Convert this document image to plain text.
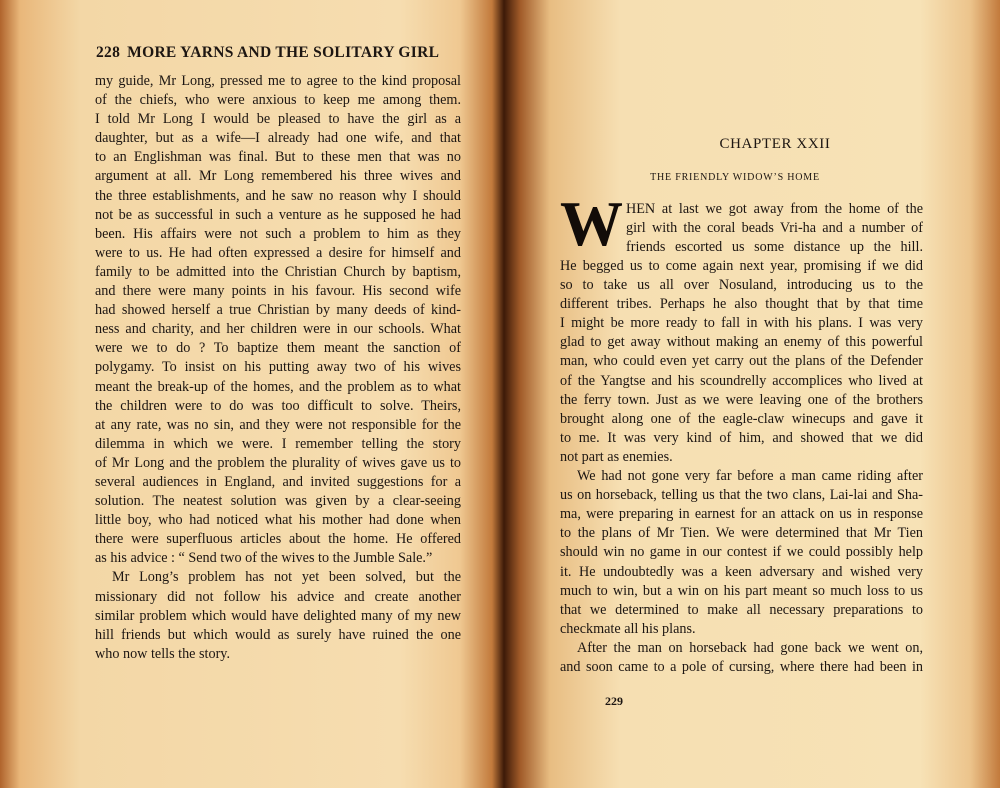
228 MORE YARNS AND THE SOLITARY GIRL
my guide, Mr Long, pressed me to agree to the kind proposal
of the chiefs, who were anxious to keep me among them.
I told Mr Long I would be pleased to have the girl as a
daughter, but as a wife—I already had one wife, and that
to an Englishman was final. But to these men that was no
argument at all. Mr Long remembered his three wives and
the three establishments, and he saw no reason why I should
not be as successful in such a venture as he supposed he had
been. His affairs were not such a problem to him as they
were to us. He had often expressed a desire for himself and
family to be admitted into the Christian Church by baptism,
and there were many points in his favour. His second wife
had showed herself a true Christian by many deeds of kind-
ness and charity, and her children were in our schools. What
were we to do ? To baptize them meant the sanction of
polygamy. To insist on his putting away two of his wives
meant the break-up of the homes, and the problem as to what
the children were to do was too difficult to solve. Theirs,
at any rate, was no sin, and they were not responsible for the
dilemma in which we were. I remember telling the story
of Mr Long and the problem the plurality of wives gave us to
several audiences in England, and invited suggestions for a
solution. The neatest solution was given by a clear-seeing
little boy, who had noticed what his mother had done when
there were superfluous articles about the home. He offered
as his advice : “ Send two of the wives to the Jumble Sale.”
Mr Long’s problem has not yet been solved, but the
missionary did not follow his advice and create another
similar problem which would have delighted many of my new
hill friends but which would as surely have ruined the one
who now tells the story.
CHAPTER XXII
THE FRIENDLY WIDOW’S HOME
W HEN at last we got away from the home of the
girl with the coral beads Vri-ha and a number of
friends escorted us some distance up the hill.
He begged us to come again next year, promising if we did
so to take us all over Nosuland, introducing us to the
different tribes. Perhaps he also thought that by that time
I might be more ready to fall in with his plans. I was very
glad to get away without making an enemy of this powerful
man, who could even yet carry out the plans of the Defender
of the Yangtse and his scoundrelly accomplices who lived at
the ferry town. Just as we were leaving one of the brothers
brought along one of the eagle-claw winecups and gave it
to me. It was very kind of him, and showed that we did
not part as enemies.
We had not gone very far before a man came riding after
us on horseback, telling us that the two clans, Lai-lai and Sha-
ma, were preparing in earnest for an attack on us in response
to the plans of Mr Tien. We were determined that Mr Tien
should win no game in our contest if we could possibly help
it. He undoubtedly was a keen adversary and wished very
much to win, but a win on his part meant so much loss to us
that we determined to make all necessary preparations to
checkmate all his plans.
After the man on horseback had gone back we went on,
and soon came to a pole of cursing, where there had been in
229
